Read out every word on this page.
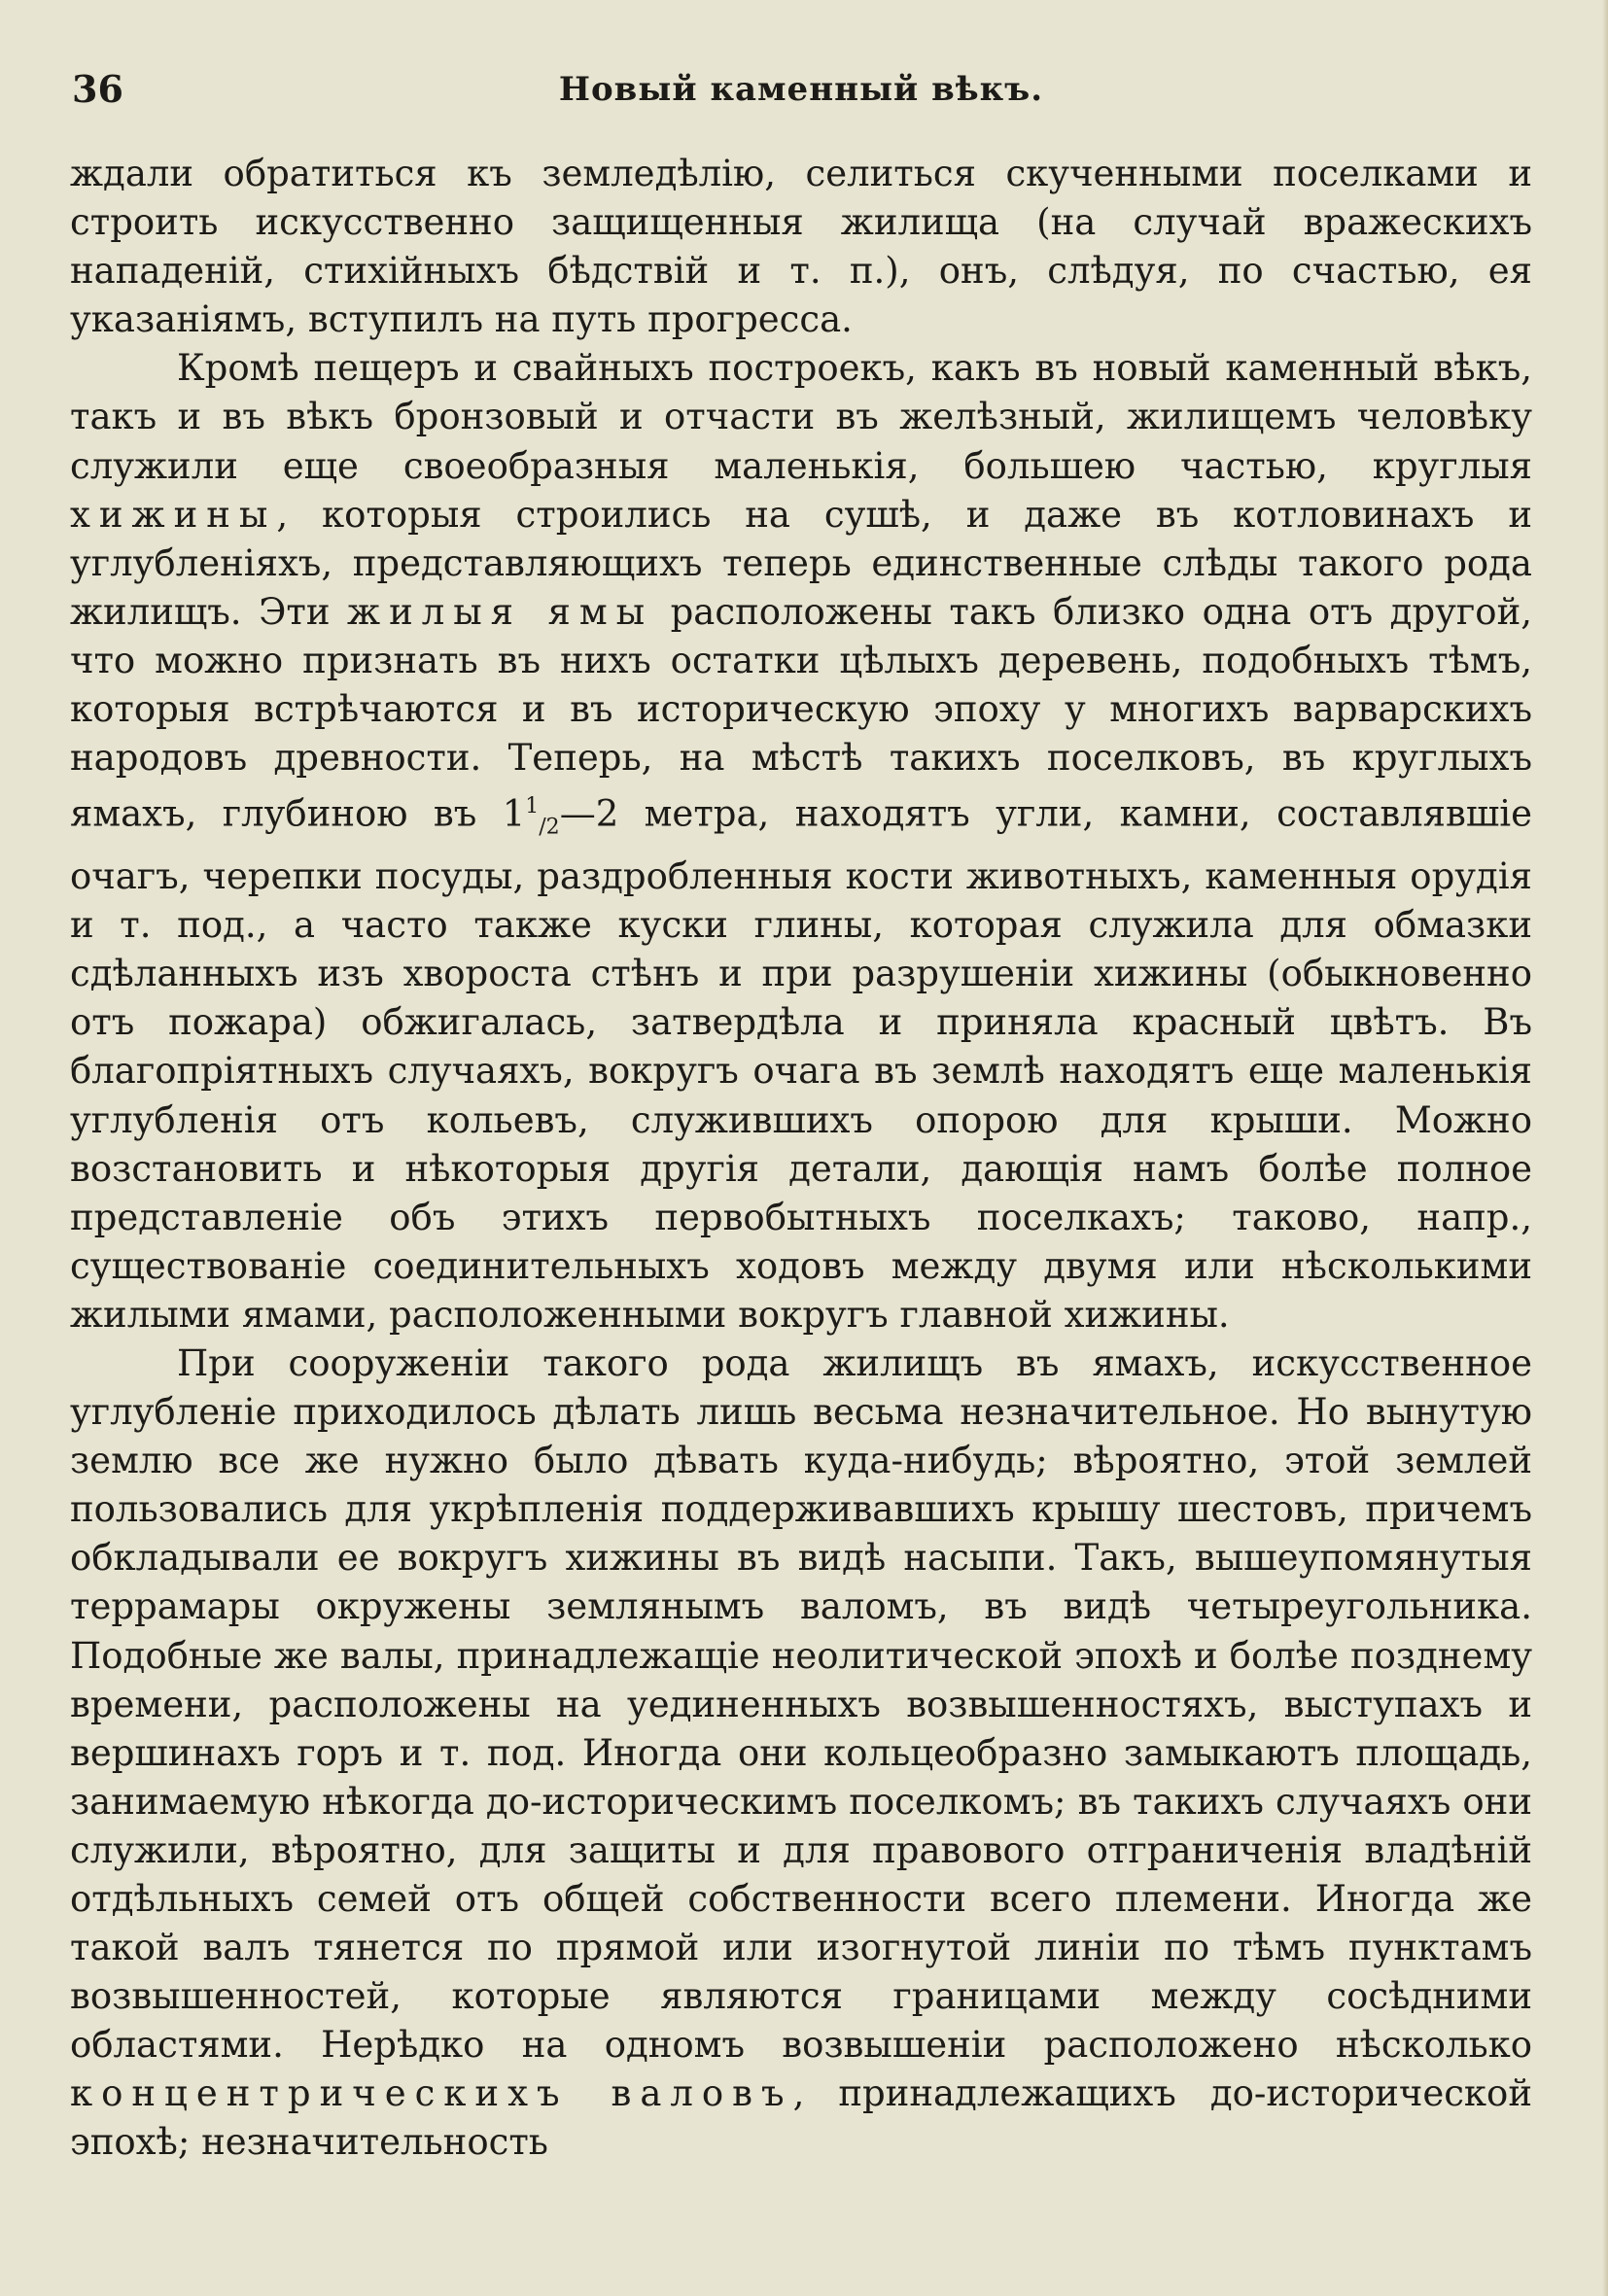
36	Новый каменный вѣкъ.

ждали обратиться къ земледѣлію, селиться скученными поселками и строить искусственно защищенныя жилища (на случай вражескихъ нападеній, стихійныхъ бѣдствій и т. п.), онъ, слѣдуя, по счастью, ея указаніямъ, вступилъ на путь прогресса.

Кромѣ пещеръ и свайныхъ построекъ, какъ въ новый каменный вѣкъ, такъ и въ вѣкъ бронзовый и отчасти въ желѣзный, жилищемъ человѣку служили еще своеобразныя маленькія, большею частью, круглыя хижины, которыя строились на сушѣ, и даже въ котловинахъ и углубленіяхъ, представляющихъ теперь единственные слѣды такого рода жилищъ. Эти жилыя ямы расположены такъ близко одна отъ другой, что можно признать въ нихъ остатки цѣлыхъ деревень, подобныхъ тѣмъ, которыя встрѣчаются и въ историческую эпоху у многихъ варварскихъ народовъ древности. Теперь, на мѣстѣ такихъ поселковъ, въ круглыхъ ямахъ, глубиною въ $1^1_{/2}—2$ метра, находятъ угли, камни, составлявшіе очагъ, черепки посуды, раздробленныя кости животныхъ, каменныя орудія и т. под., а часто также куски глины, которая служила для обмазки сдѣланныхъ изъ хвороста стѣнъ и при разрушеніи хижины (обыкновенно отъ пожара) обжигалась, затвердѣла и приняла красный цвѣтъ. Въ благопріятныхъ случаяхъ, вокругъ очага въ землѣ находятъ еще маленькія углубленія отъ кольевъ, служившихъ опорою для крыши. Можно возстановить и нѣкоторыя другія детали, дающія намъ болѣе полное представленіе объ этихъ первобытныхъ поселкахъ; таково, напр., существованіе соединительныхъ ходовъ между двумя или нѣсколькими жилыми ямами, расположенными вокругъ главной хижины.

При сооруженіи такого рода жилищъ въ ямахъ, искусственное углубленіе приходилось дѣлать лишь весьма незначительное. Но вынутую землю все же нужно было дѣвать куда-нибудь; вѣроятно, этой землей пользовались для укрѣпленія поддерживавшихъ крышу шестовъ, причемъ обкладывали ее вокругъ хижины въ видѣ насыпи. Такъ, вышеупомянутыя террамары окружены землянымъ валомъ, въ видѣ четыреугольника. Подобные же валы, принадлежащіе неолитической эпохѣ и болѣе позднему времени, расположены на уединенныхъ возвышенностяхъ, выступахъ и вершинахъ горъ и т. под. Иногда они кольцеобразно замыкаютъ площадь, занимаемую нѣкогда до-историческимъ поселкомъ; въ такихъ случаяхъ они служили, вѣроятно, для защиты и для правового отграниченія владѣній отдѣльныхъ семей отъ общей собственности всего племени. Иногда же такой валъ тянется по прямой или изогнутой линіи по тѣмъ пунктамъ возвышенностей, которые являются границами между сосѣдними областями. Нерѣдко на одномъ возвышеніи расположено нѣсколько концентрическихъ валовъ, принадлежащихъ до-исторической эпохѣ; незначительность
